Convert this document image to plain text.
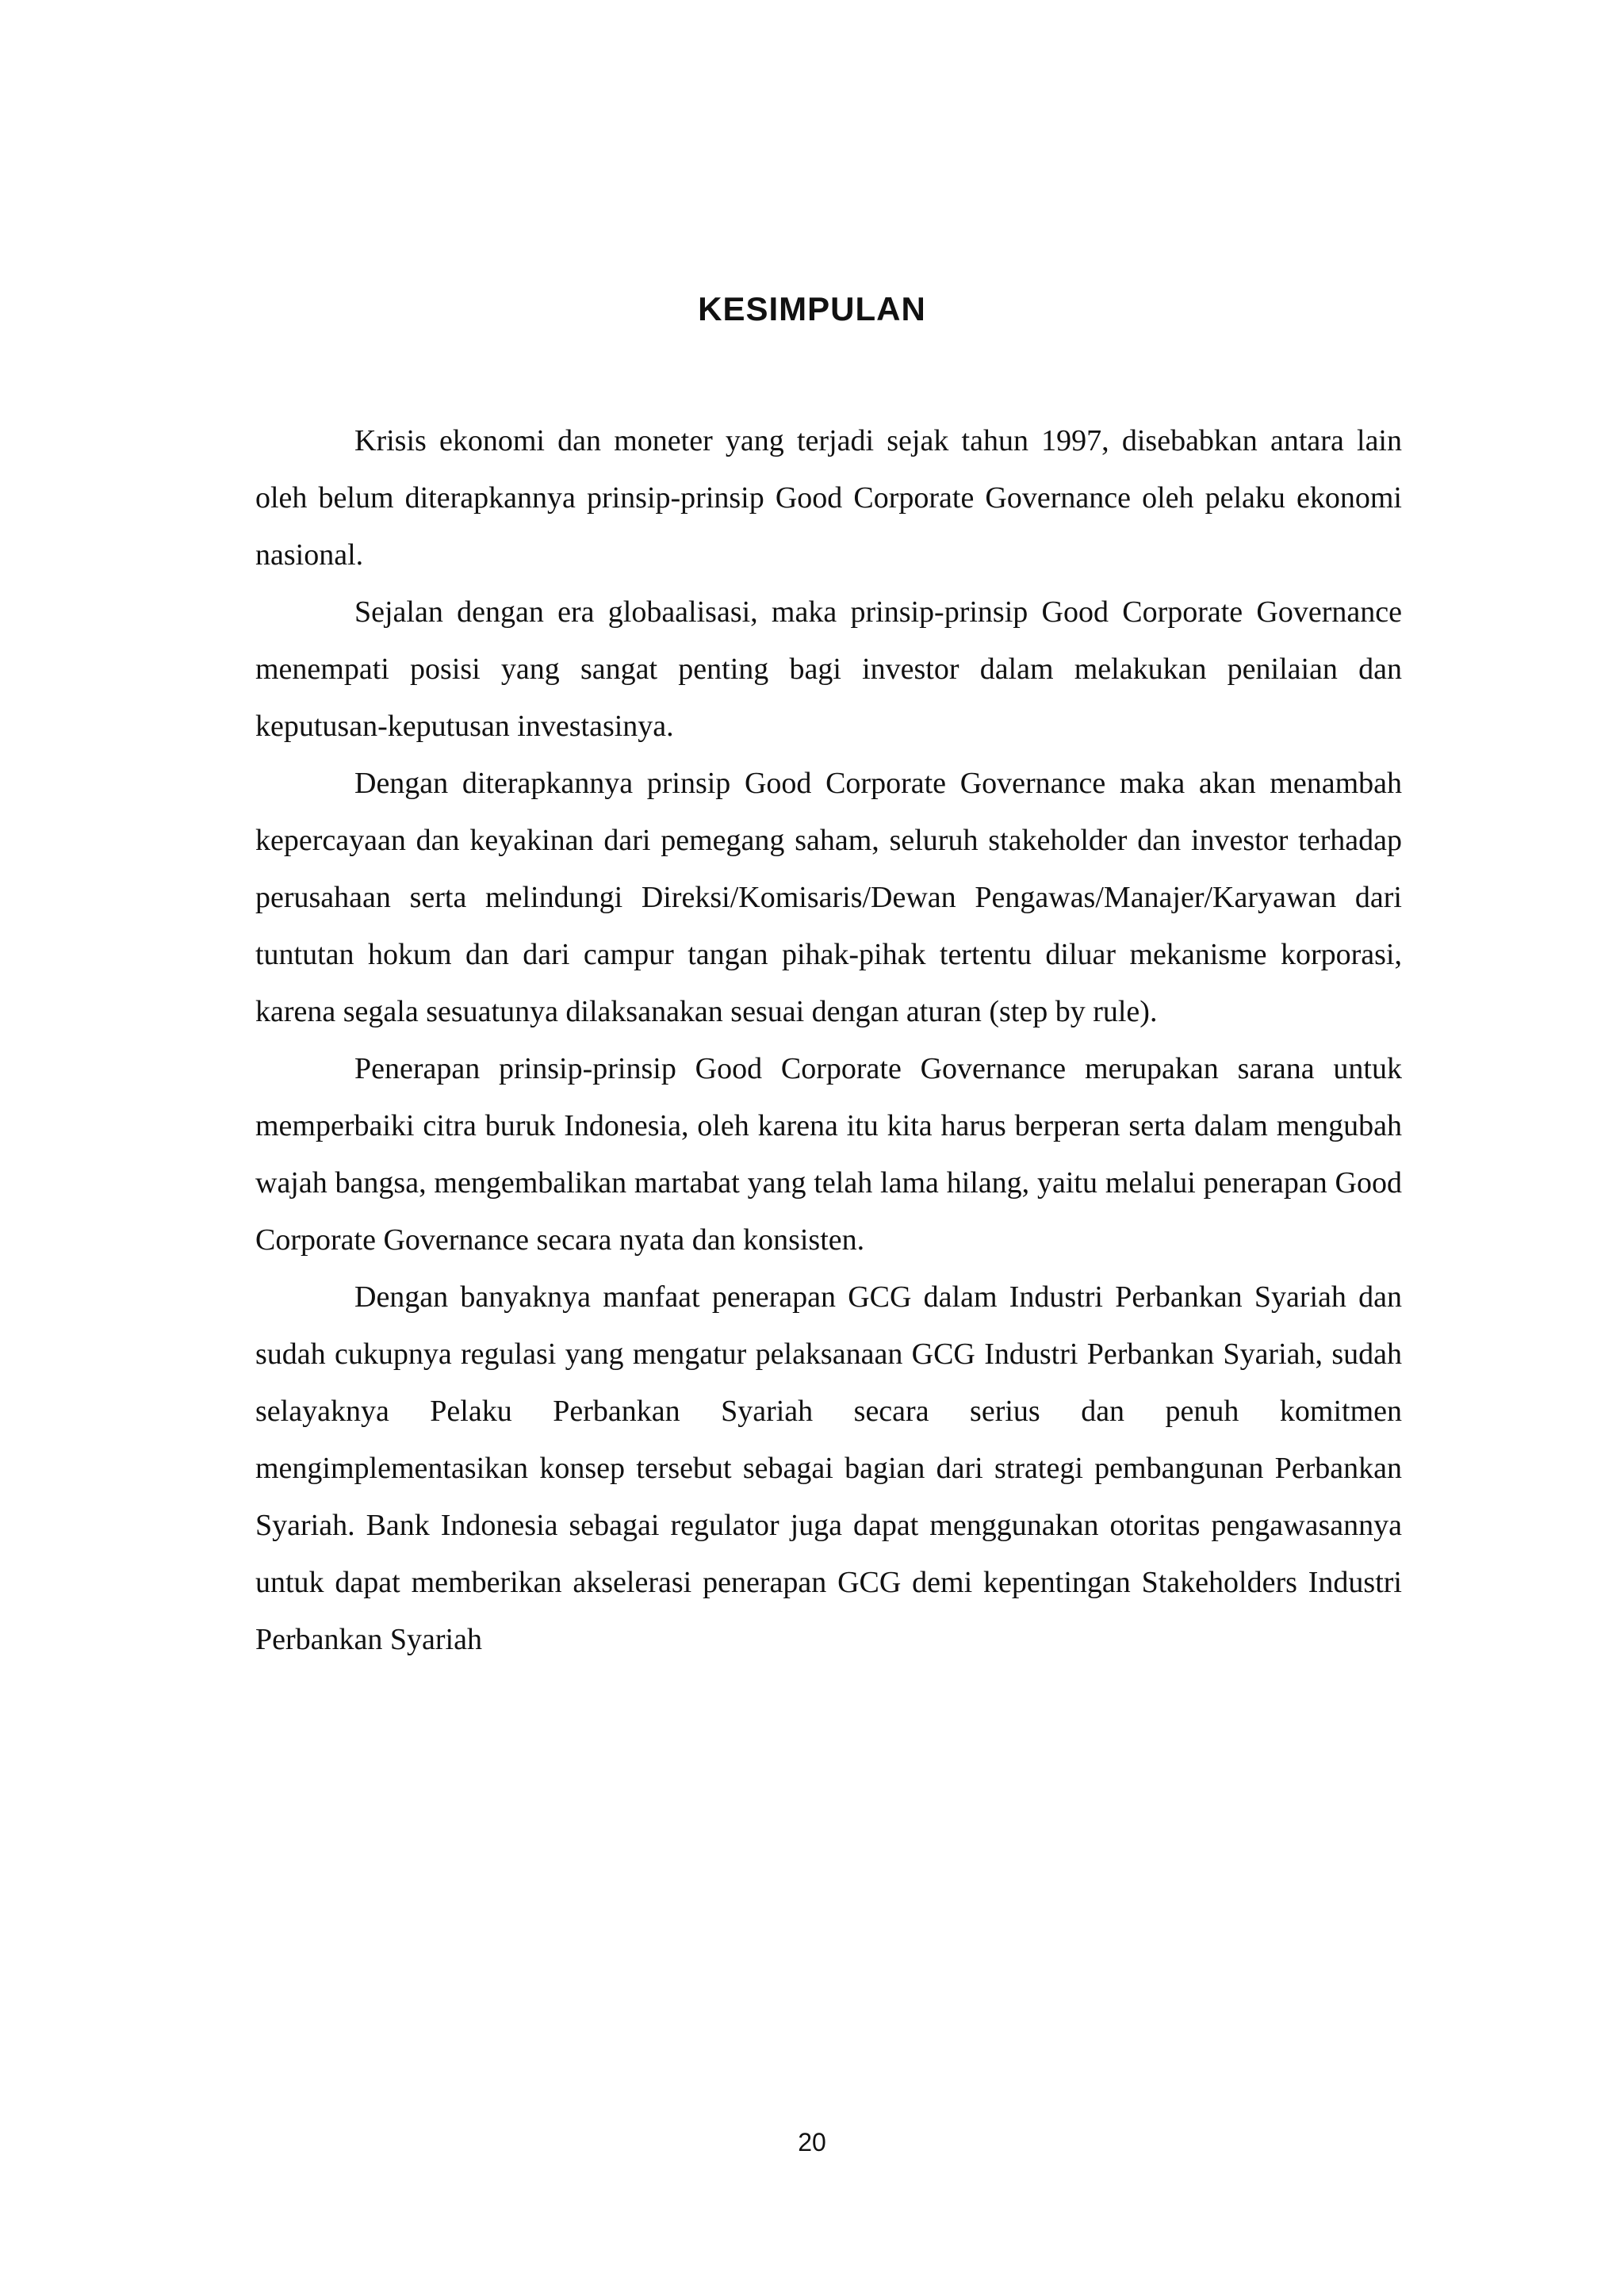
KESIMPULAN

Krisis ekonomi dan moneter yang terjadi sejak tahun 1997, disebabkan antara lain oleh belum diterapkannya prinsip-prinsip Good Corporate Governance oleh pelaku ekonomi nasional.

Sejalan dengan era globaalisasi, maka prinsip-prinsip Good Corporate Governance menempati posisi yang sangat penting bagi investor dalam melakukan penilaian dan keputusan-keputusan investasinya.

Dengan diterapkannya prinsip Good Corporate Governance maka akan menambah kepercayaan dan keyakinan dari pemegang saham, seluruh stakeholder dan investor terhadap perusahaan serta melindungi Direksi/Komisaris/Dewan Pengawas/Manajer/Karyawan dari tuntutan hokum dan dari campur tangan pihak-pihak tertentu diluar mekanisme korporasi, karena segala sesuatunya dilaksanakan sesuai dengan aturan (step by rule).

Penerapan prinsip-prinsip Good Corporate Governance merupakan sarana untuk memperbaiki citra buruk Indonesia, oleh karena itu kita harus berperan serta dalam mengubah wajah bangsa, mengembalikan martabat yang telah lama hilang, yaitu melalui penerapan Good Corporate Governance secara nyata dan konsisten.

Dengan banyaknya manfaat penerapan GCG dalam Industri Perbankan Syariah dan sudah cukupnya regulasi yang mengatur pelaksanaan GCG Industri Perbankan Syariah, sudah selayaknya Pelaku Perbankan Syariah secara serius dan penuh komitmen mengimplementasikan konsep tersebut sebagai bagian dari strategi pembangunan Perbankan Syariah. Bank Indonesia sebagai regulator juga dapat menggunakan otoritas pengawasannya untuk dapat memberikan akselerasi penerapan GCG demi kepentingan Stakeholders Industri Perbankan Syariah

20
